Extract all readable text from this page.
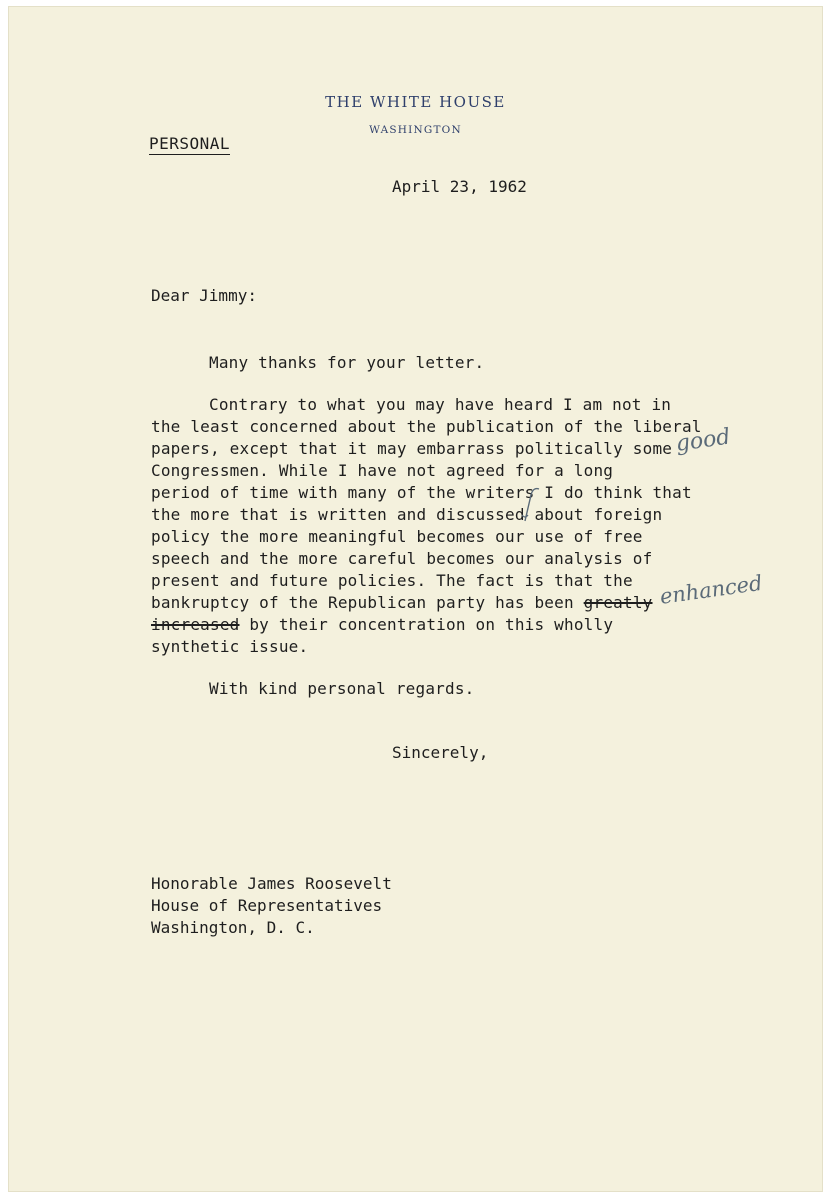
THE WHITE HOUSE
WASHINGTON
PERSONAL
April 23, 1962
Dear Jimmy:
Many thanks for your letter.
Contrary to what you may have heard I am not in
the least concerned about the publication of the liberal
papers, except that it may embarrass politically some
Congressmen. While I have not agreed for a long
period of time with many of the writers I do think that
the more that is written and discussed about foreign
policy the more meaningful becomes our use of free
speech and the more careful becomes our analysis of
present and future policies. The fact is that the
bankruptcy of the Republican party has been greatly
increased by their concentration on this wholly
synthetic issue.
With kind personal regards.
Sincerely,
Honorable James Roosevelt
House of Representatives
Washington, D. C.
good
enhanced
